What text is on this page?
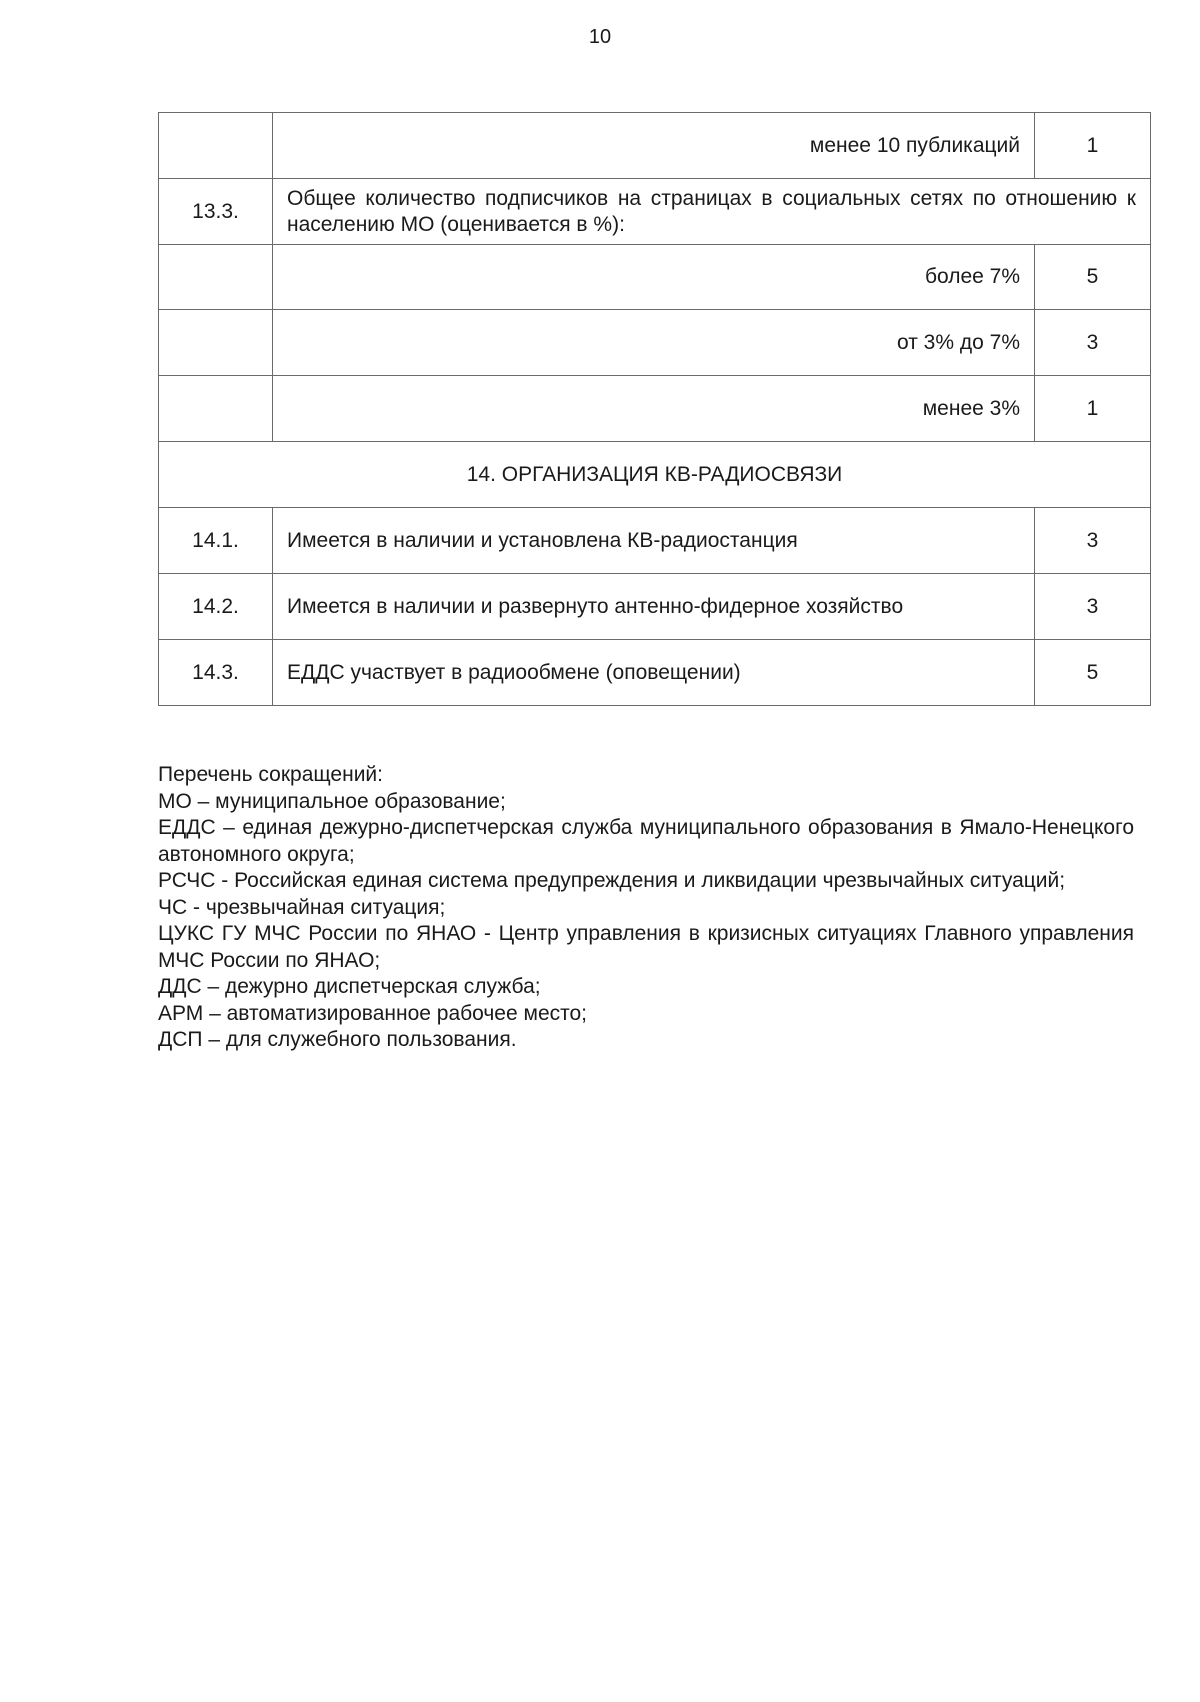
10
	менее 10 публикаций	1
13.3.	Общее количество подписчиков на страницах в социальных сетях по отношению к населению МО (оценивается в %):	
	более 7%	5
	от 3% до 7%	3
	менее 3%	1
14. ОРГАНИЗАЦИЯ КВ-РАДИОСВЯЗИ		
14.1.	Имеется в наличии и установлена КВ-радиостанция	3
14.2.	Имеется в наличии и развернуто антенно-фидерное хозяйство	3
14.3.	ЕДДС участвует в радиообмене (оповещении)	5

Перечень сокращений:

МО – муниципальное образование;

ЕДДС – единая дежурно-диспетчерская служба муниципального образования в Ямало-Ненецкого автономного округа;

РСЧС - Российская единая система предупреждения и ликвидации чрезвычайных ситуаций;

ЧС - чрезвычайная ситуация;

ЦУКС ГУ МЧС России по ЯНАО - Центр управления в кризисных ситуациях Главного управления МЧС России по ЯНАО;

ДДС – дежурно диспетчерская служба;

АРМ – автоматизированное рабочее место;

ДСП – для служебного пользования.
